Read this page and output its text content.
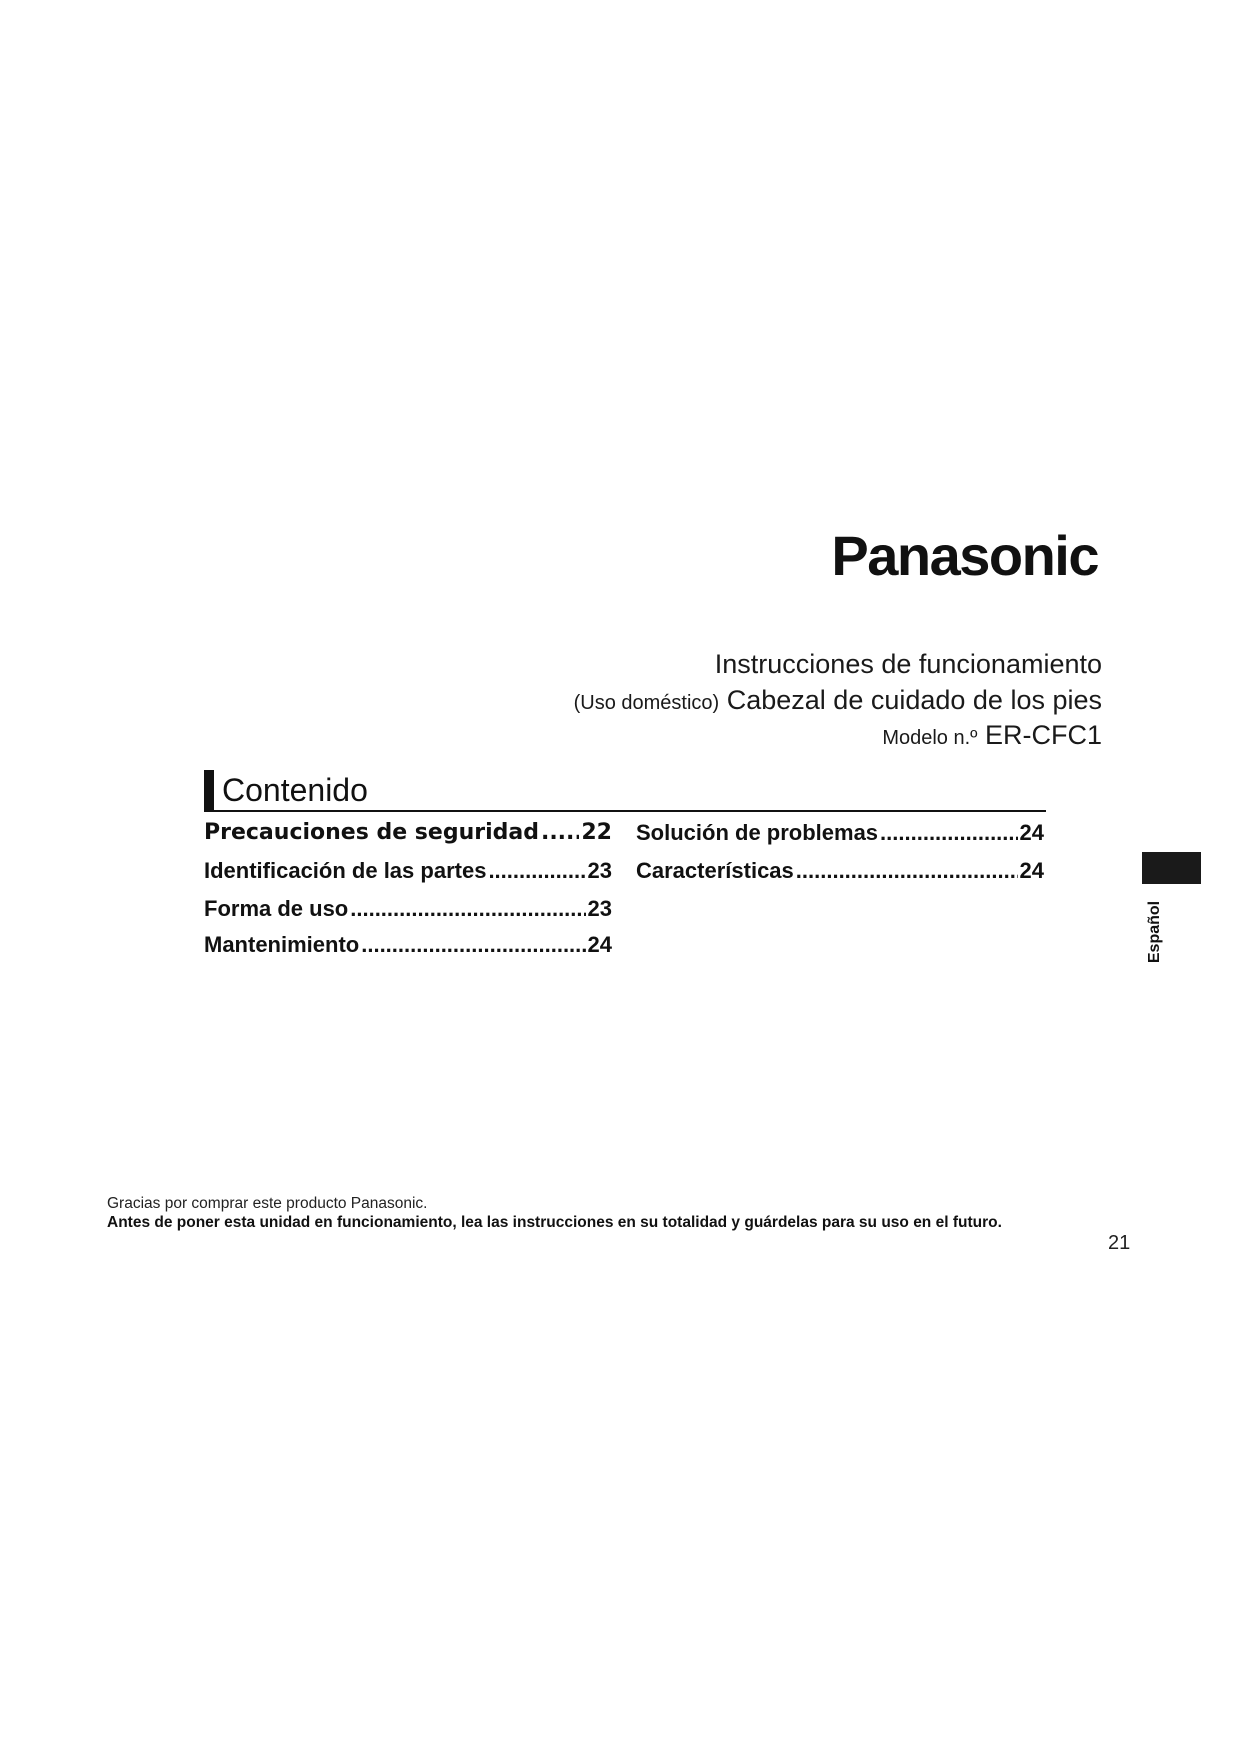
Panasonic
Instrucciones de funcionamiento
(Uso doméstico) Cabezal de cuidado de los pies
Modelo n.º ER-CFC1
Contenido
Precauciones de seguridad ..... 22
Identificación de las partes .....	23
Forma de uso .....	23
Mantenimiento .....	24
Solución de problemas .....	24
Características .....	24
Español
Gracias por comprar este producto Panasonic.
Antes de poner esta unidad en funcionamiento, lea las instrucciones en su totalidad y guárdelas para su uso en el futuro.
21
